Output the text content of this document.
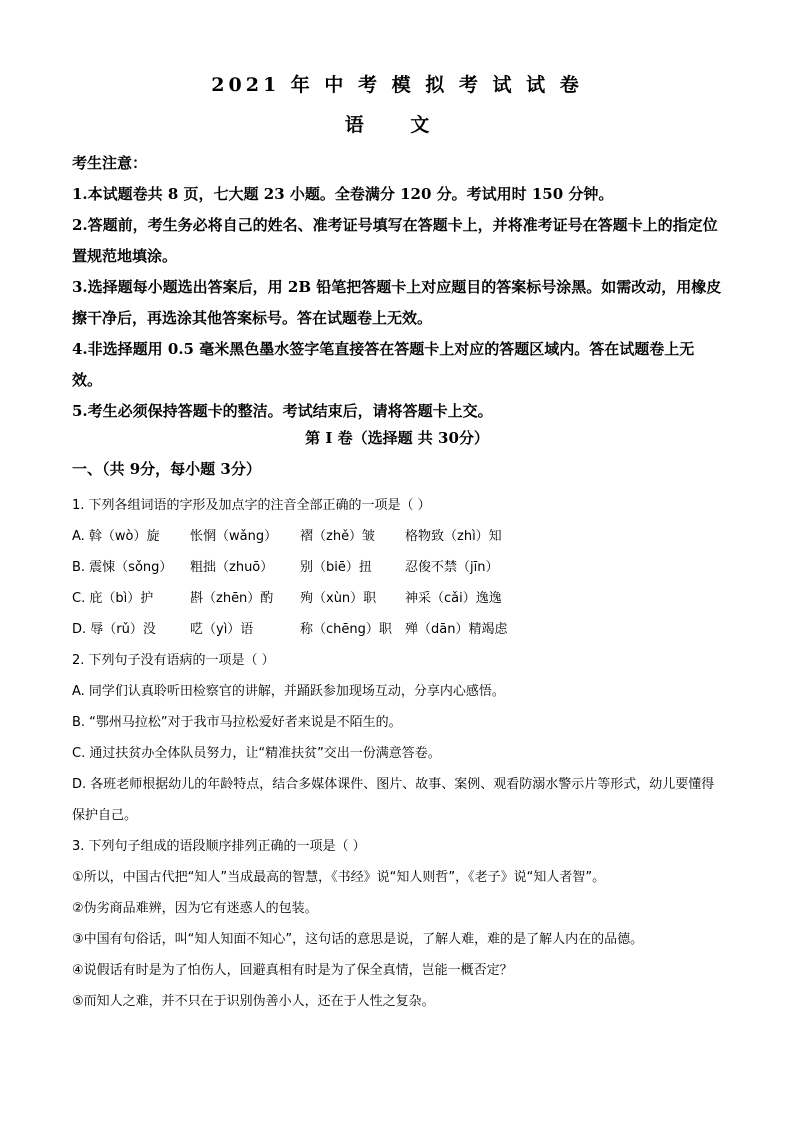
2021 年 中 考 模 拟 考 试 试 卷
语 文

考生注意：

1.本试题卷共 8 页，七大题 23 小题。全卷满分 120 分。考试用时 150 分钟。

2.答题前，考生务必将自己的姓名、准考证号填写在答题卡上，并将准考证号在答题卡上的指定位置规范地填涂。

3.选择题每小题选出答案后，用 2B 铅笔把答题卡上对应题目的答案标号涂黑。如需改动，用橡皮擦干净后，再选涂其他答案标号。答在试题卷上无效。

4.非选择题用 0.5 毫米黑色墨水签字笔直接答在答题卡上对应的答题区域内。答在试题卷上无效。

5.考生必须保持答题卡的整洁。考试结束后，请将答题卡上交。

第 I 卷（选择题 共 30分）
一、（共 9分，每小题 3分）

1. 下列各组词语的字形及加点字的注音全部正确的一项是（ ）

A. 斡（wò）旋	怅惘（wǎng）	褶（zhě）皱	格物致（zhì）知
B. 震悚（sǒng）	粗拙（zhuō）	别（biē）扭	忍俊不禁（jīn）
C. 庇（bì）护	斟（zhēn）酌	殉（xùn）职	神采（cǎi）逸逸
D. 辱（rǔ）没	呓（yì）语	称（chēng）职	殚（dān）精竭虑

2. 下列句子没有语病的一项是（ ）

A. 同学们认真聆听田检察官的讲解，并踊跃参加现场互动，分享内心感悟。

B. “鄂州马拉松”对于我市马拉松爱好者来说是不陌生的。

C. 通过扶贫办全体队员努力，让“精准扶贫”交出一份满意答卷。

D. 各班老师根据幼儿的年龄特点，结合多媒体课件、图片、故事、案例、观看防溺水警示片等形式，幼儿要懂得保护自己。

3. 下列句子组成的语段顺序排列正确的一项是（ ）

①所以，中国古代把“知人”当成最高的智慧，《书经》说“知人则哲”，《老子》说“知人者智”。

②伪劣商品难辨，因为它有迷惑人的包装。

③中国有句俗话，叫“知人知面不知心”，这句话的意思是说，了解人难，难的是了解人内在的品德。

④说假话有时是为了怕伤人，回避真相有时是为了保全真情，岂能一概否定？

⑤而知人之难，并不只在于识别伪善小人，还在于人性之复杂。
